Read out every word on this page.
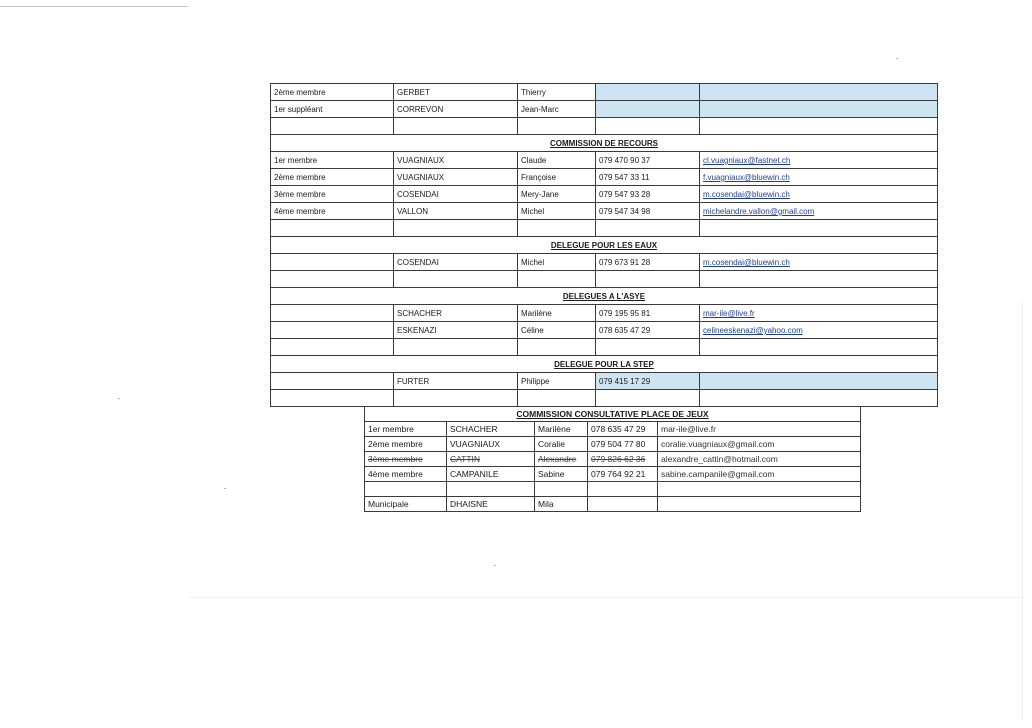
2ème membre	GERBET	Thierry		
1er suppléant	CORREVON	Jean-Marc		

COMMISSION DE RECOURS				
1er membre	VUAGNIAUX	Claude	079 470 90 37	cl.vuagniaux@fastnet.ch
2ème membre	VUAGNIAUX	Françoise	079 547 33 11	f.vuagniaux@bluewin.ch
3ème membre	COSENDAI	Mery-Jane	079 547 93 28	m.cosendai@bluewin.ch
4ème membre	VALLON	Michel	079 547 34 98	michelandre.vallon@gmail.com

DELEGUE POUR LES EAUX				
	COSENDAI	Michel	079 673 91 28	m.cosendai@bluewin.ch

DELEGUES A L'ASYE				
	SCHACHER	Marilène	079 195 95 81	mar-ile@live.fr
	ESKENAZI	Céline	078 635 47 29	celineeskenazi@yahoo.com

DELEGUE POUR LA STEP				
	FURTER	Philippe	079 415 17 29	

COMMISSION CONSULTATIVE PLACE DE JEUX				
1er membre	SCHACHER	Marilène	078 635 47 29	mar-ile@live.fr
2ème membre	VUAGNIAUX	Coralie	079 504 77 80	coralie.vuagniaux@gmail.com
3ème membre	CATTIN	Alexandre	079 826 62 36	alexandre_cattin@hotmail.com
4ème membre	CAMPANILE	Sabine	079 764 92 21	sabine.campanile@gmail.com

Municipale	DHAISNE	Mila		
